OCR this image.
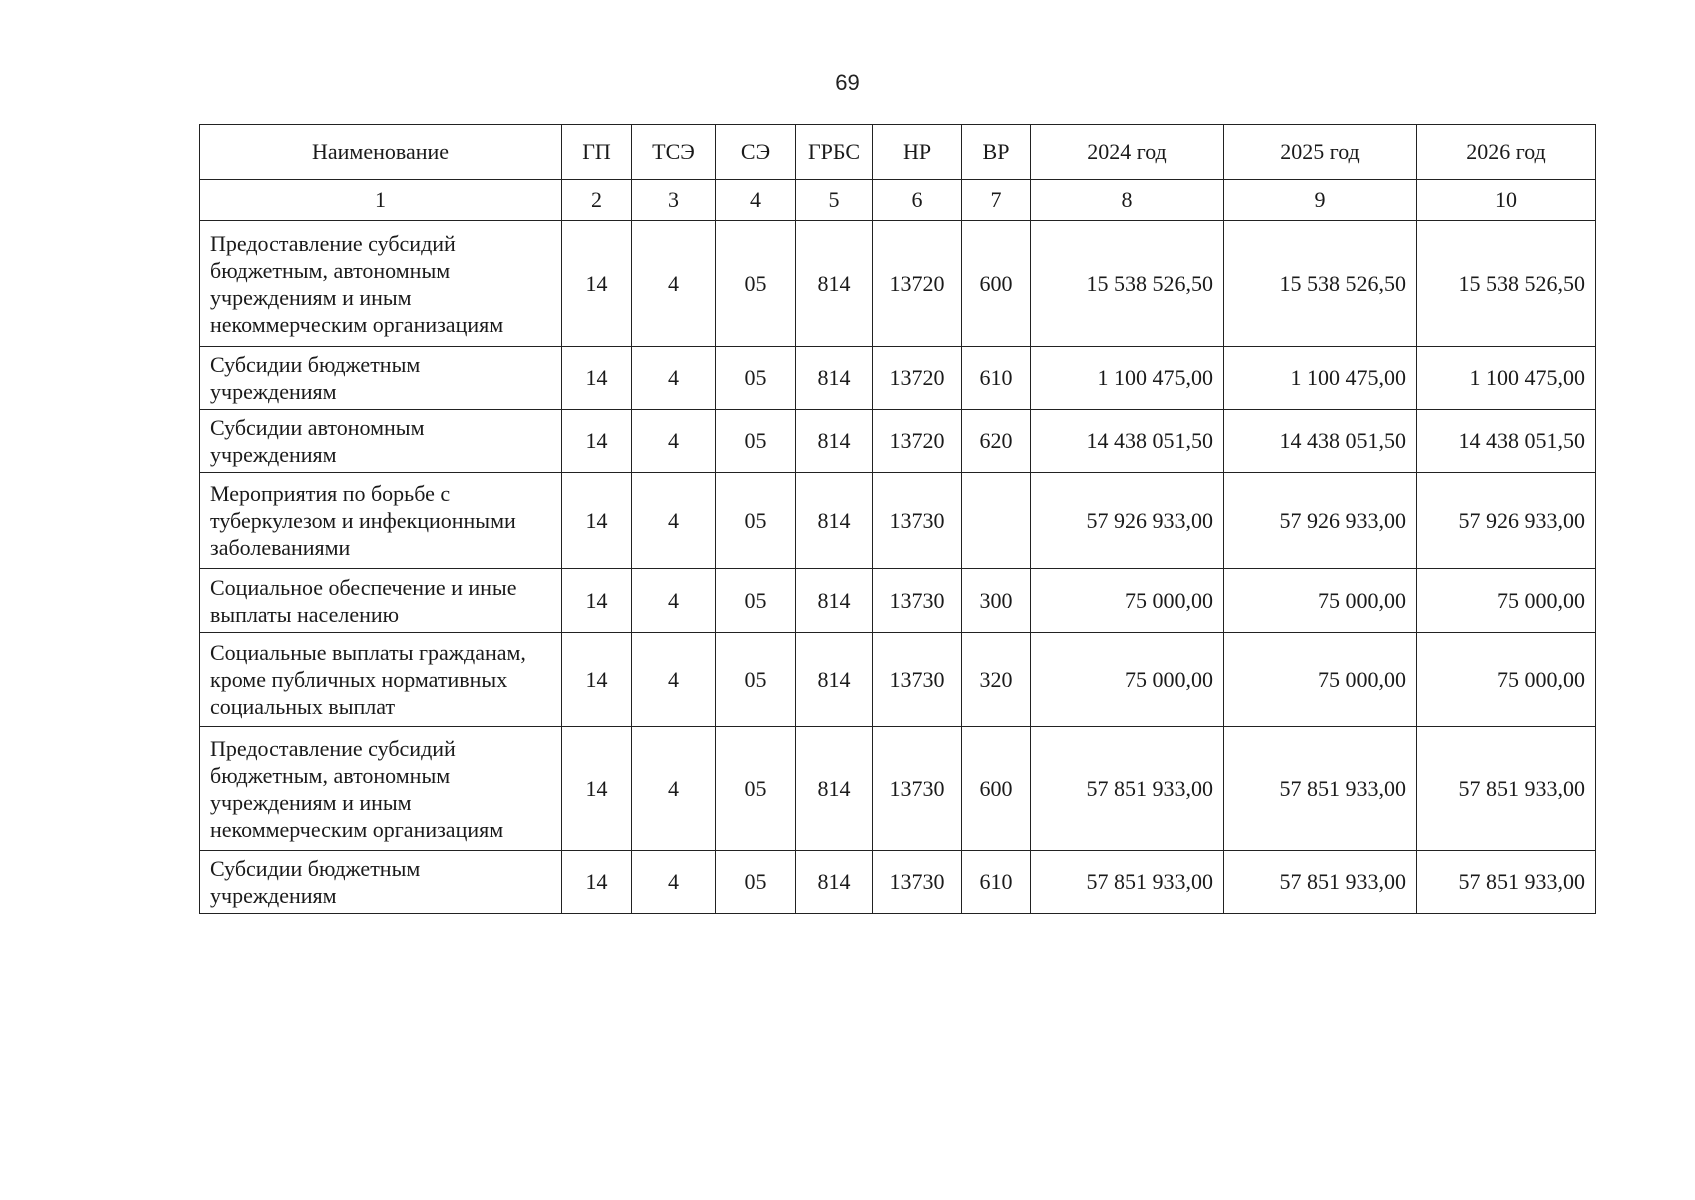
69
Наименование	ГП	ТСЭ	СЭ	ГРБС	НР	ВР	2024 год	2025 год	2026 год
1	2	3	4	5	6	7	8	9	10
Предоставление субсидий бюджетным, автономным учреждениям и иным некоммерческим организациям	14	4	05	814	13720	600	15 538 526,50	15 538 526,50	15 538 526,50
Субсидии бюджетным учреждениям	14	4	05	814	13720	610	1 100 475,00	1 100 475,00	1 100 475,00
Субсидии автономным учреждениям	14	4	05	814	13720	620	14 438 051,50	14 438 051,50	14 438 051,50
Мероприятия по борьбе с туберкулезом и инфекционными заболеваниями	14	4	05	814	13730		57 926 933,00	57 926 933,00	57 926 933,00
Социальное обеспечение и иные выплаты населению	14	4	05	814	13730	300	75 000,00	75 000,00	75 000,00
Социальные выплаты гражданам, кроме публичных нормативных социальных выплат	14	4	05	814	13730	320	75 000,00	75 000,00	75 000,00
Предоставление субсидий бюджетным, автономным учреждениям и иным некоммерческим организациям	14	4	05	814	13730	600	57 851 933,00	57 851 933,00	57 851 933,00
Субсидии бюджетным учреждениям	14	4	05	814	13730	610	57 851 933,00	57 851 933,00	57 851 933,00
